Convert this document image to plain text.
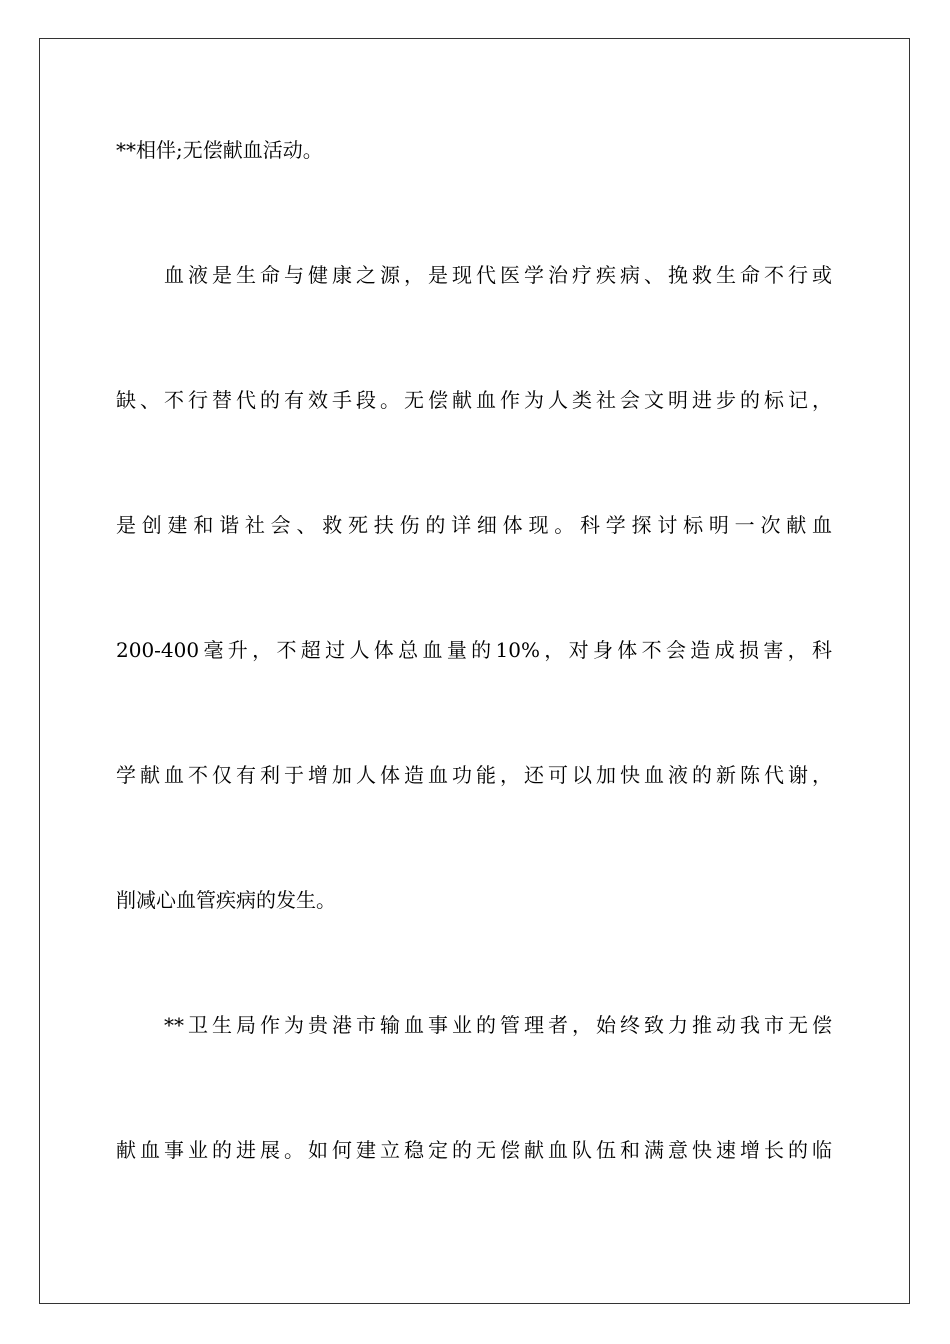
**相伴;无偿献血活动。
血液是生命与健康之源，是现代医学治疗疾病、挽救生命不行或
缺、不行替代的有效手段。无偿献血作为人类社会文明进步的标记，
是创建和谐社会、救死扶伤的详细体现。科学探讨标明一次献血
200-400毫升，不超过人体总血量的10%，对身体不会造成损害，科
学献血不仅有利于增加人体造血功能，还可以加快血液的新陈代谢，
削减心血管疾病的发生。
**卫生局作为贵港市输血事业的管理者，始终致力推动我市无偿
献血事业的进展。如何建立稳定的无偿献血队伍和满意快速增长的临
